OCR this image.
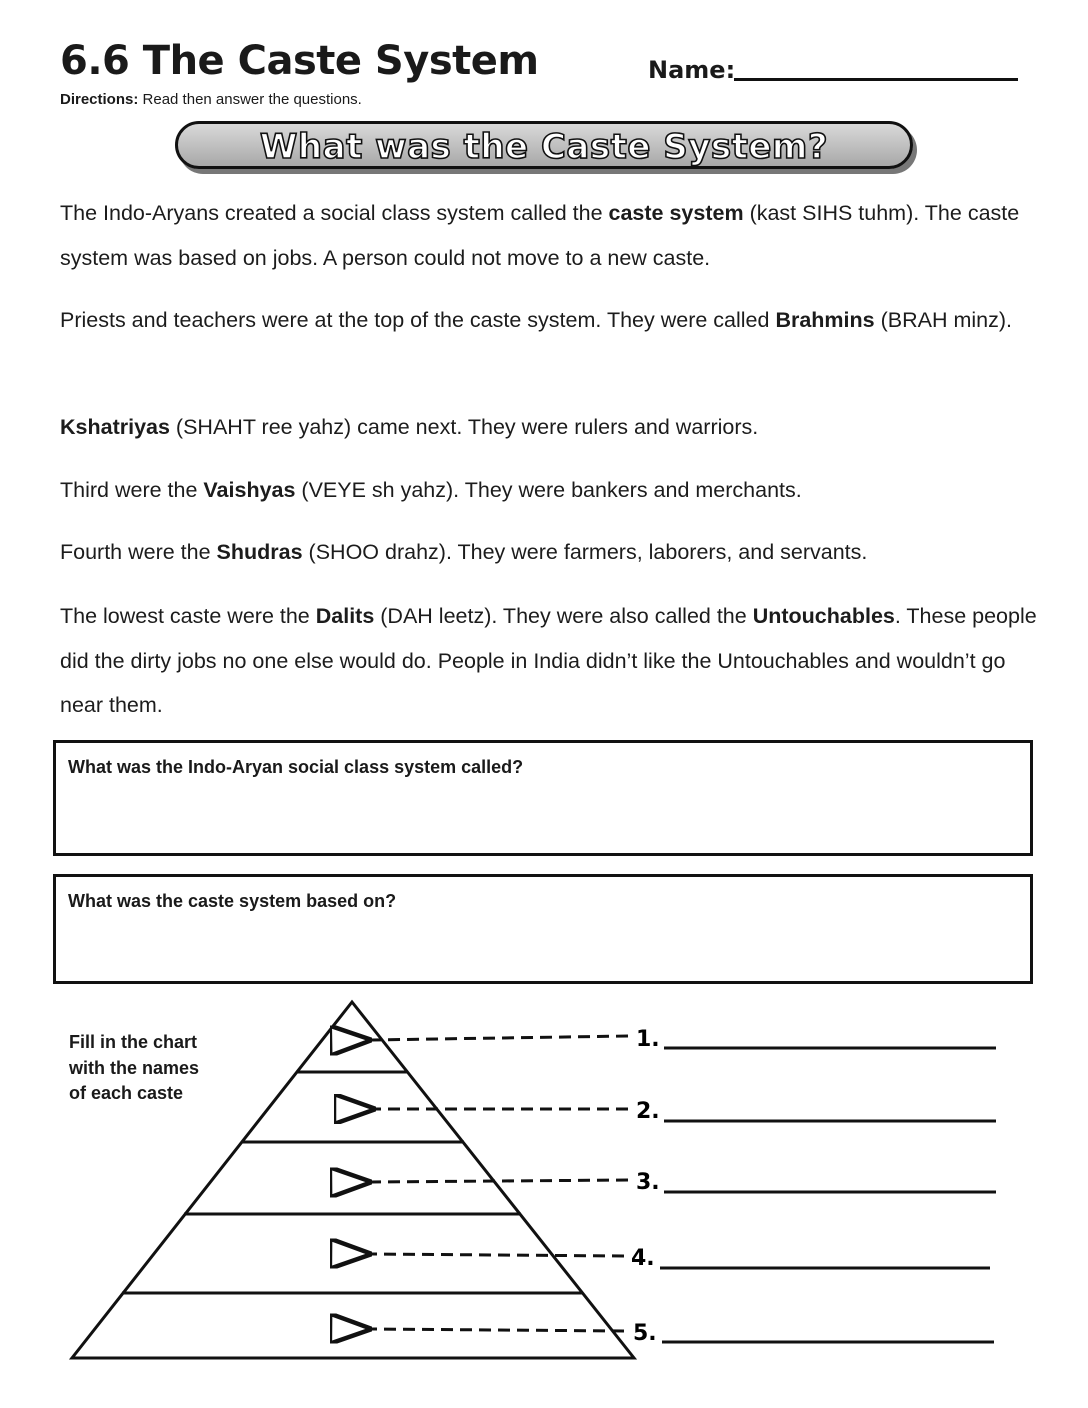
6.6 The Caste System	Name:
Directions: Read then answer the questions.
What was the Caste System?
The Indo-Aryans created a social class system called the caste system (kast SIHS tuhm). The caste system was based on jobs. A person could not move to a new caste.
Priests and teachers were at the top of the caste system. They were called Brahmins (BRAH minz).
Kshatriyas (SHAHT ree yahz) came next. They were rulers and warriors.
Third were the Vaishyas (VEYE sh yahz). They were bankers and merchants.
Fourth were the Shudras (SHOO drahz). They were farmers, laborers, and servants.
The lowest caste were the Dalits (DAH leetz). They were also called the Untouchables. These people did the dirty jobs no one else would do. People in India didn’t like the Untouchables and wouldn’t go near them.
What was the Indo-Aryan social class system called?
What was the caste system based on?
Fill in the chart
with the names
of each caste
1.
2.
3.
4.
5.
